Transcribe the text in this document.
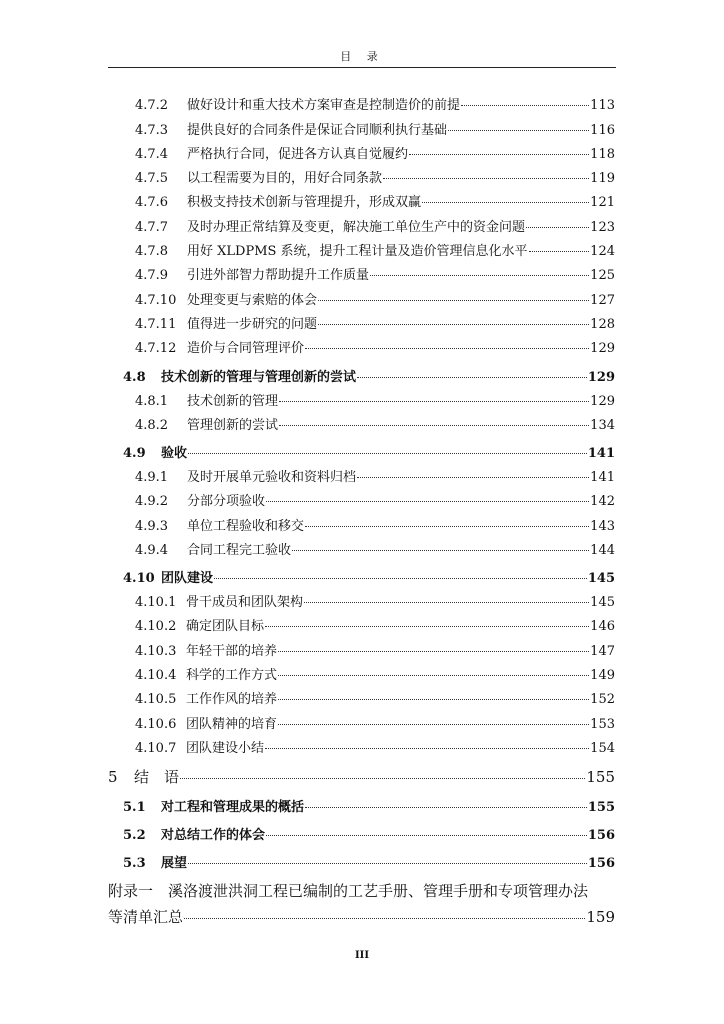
目 录
4.7.2	做好设计和重大技术方案审查是控制造价的前提	113
4.7.3	提供良好的合同条件是保证合同顺利执行基础	116
4.7.4	严格执行合同，促进各方认真自觉履约	118
4.7.5	以工程需要为目的，用好合同条款	119
4.7.6	积极支持技术创新与管理提升，形成双赢	121
4.7.7	及时办理正常结算及变更，解决施工单位生产中的资金问题	123
4.7.8	用好 XLDPMS 系统，提升工程计量及造价管理信息化水平	124
4.7.9	引进外部智力帮助提升工作质量	125
4.7.10 处理变更与索赔的体会	127
4.7.11 值得进一步研究的问题	128
4.7.12 造价与合同管理评价	129
4.8	技术创新的管理与管理创新的尝试	129
4.8.1	技术创新的管理	129
4.8.2	管理创新的尝试	134
4.9	验收	141
4.9.1	及时开展单元验收和资料归档	141
4.9.2	分部分项验收	142
4.9.3	单位工程验收和移交	143
4.9.4	合同工程完工验收	144
4.10 团队建设	145
4.10.1 骨干成员和团队架构	145
4.10.2 确定团队目标	146
4.10.3 年轻干部的培养	147
4.10.4 科学的工作方式	149
4.10.5 工作作风的培养	152
4.10.6 团队精神的培育	153
4.10.7 团队建设小结	154
5	结　语	155
5.1	对工程和管理成果的概括	155
5.2	对总结工作的体会	156
5.3	展望	156
附录一　溪洛渡泄洪洞工程已编制的工艺手册、管理手册和专项管理办法
等清单汇总	159
III
